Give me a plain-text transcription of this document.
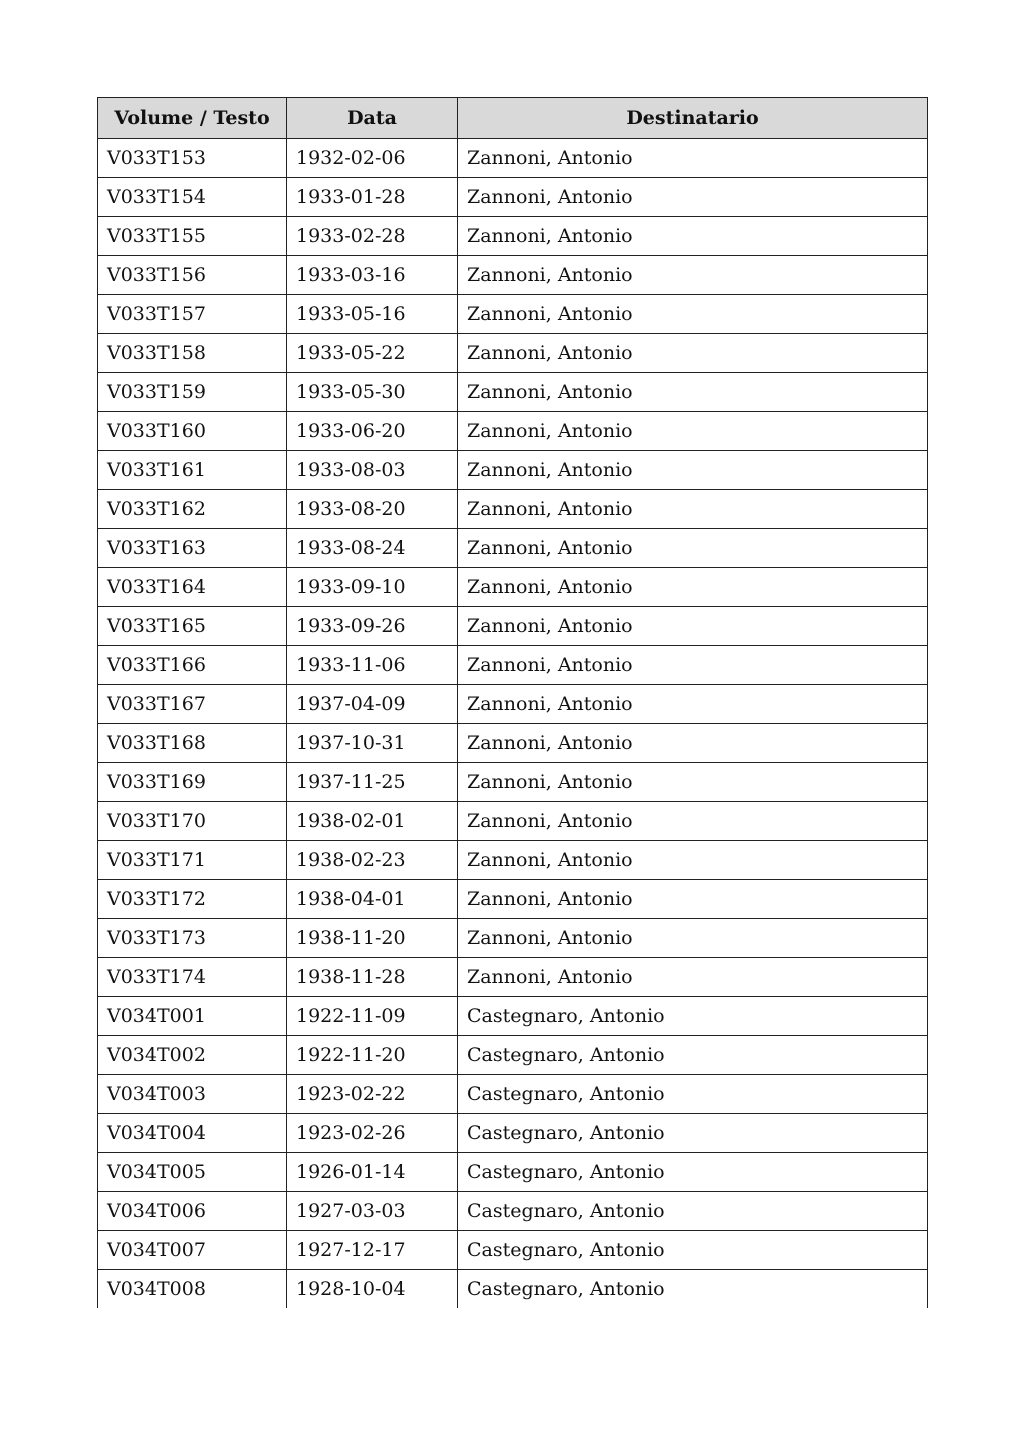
Volume / Testo	Data	Destinatario
V033T153	1932-02-06	Zannoni, Antonio
V033T154	1933-01-28	Zannoni, Antonio
V033T155	1933-02-28	Zannoni, Antonio
V033T156	1933-03-16	Zannoni, Antonio
V033T157	1933-05-16	Zannoni, Antonio
V033T158	1933-05-22	Zannoni, Antonio
V033T159	1933-05-30	Zannoni, Antonio
V033T160	1933-06-20	Zannoni, Antonio
V033T161	1933-08-03	Zannoni, Antonio
V033T162	1933-08-20	Zannoni, Antonio
V033T163	1933-08-24	Zannoni, Antonio
V033T164	1933-09-10	Zannoni, Antonio
V033T165	1933-09-26	Zannoni, Antonio
V033T166	1933-11-06	Zannoni, Antonio
V033T167	1937-04-09	Zannoni, Antonio
V033T168	1937-10-31	Zannoni, Antonio
V033T169	1937-11-25	Zannoni, Antonio
V033T170	1938-02-01	Zannoni, Antonio
V033T171	1938-02-23	Zannoni, Antonio
V033T172	1938-04-01	Zannoni, Antonio
V033T173	1938-11-20	Zannoni, Antonio
V033T174	1938-11-28	Zannoni, Antonio
V034T001	1922-11-09	Castegnaro, Antonio
V034T002	1922-11-20	Castegnaro, Antonio
V034T003	1923-02-22	Castegnaro, Antonio
V034T004	1923-02-26	Castegnaro, Antonio
V034T005	1926-01-14	Castegnaro, Antonio
V034T006	1927-03-03	Castegnaro, Antonio
V034T007	1927-12-17	Castegnaro, Antonio
V034T008	1928-10-04	Castegnaro, Antonio
